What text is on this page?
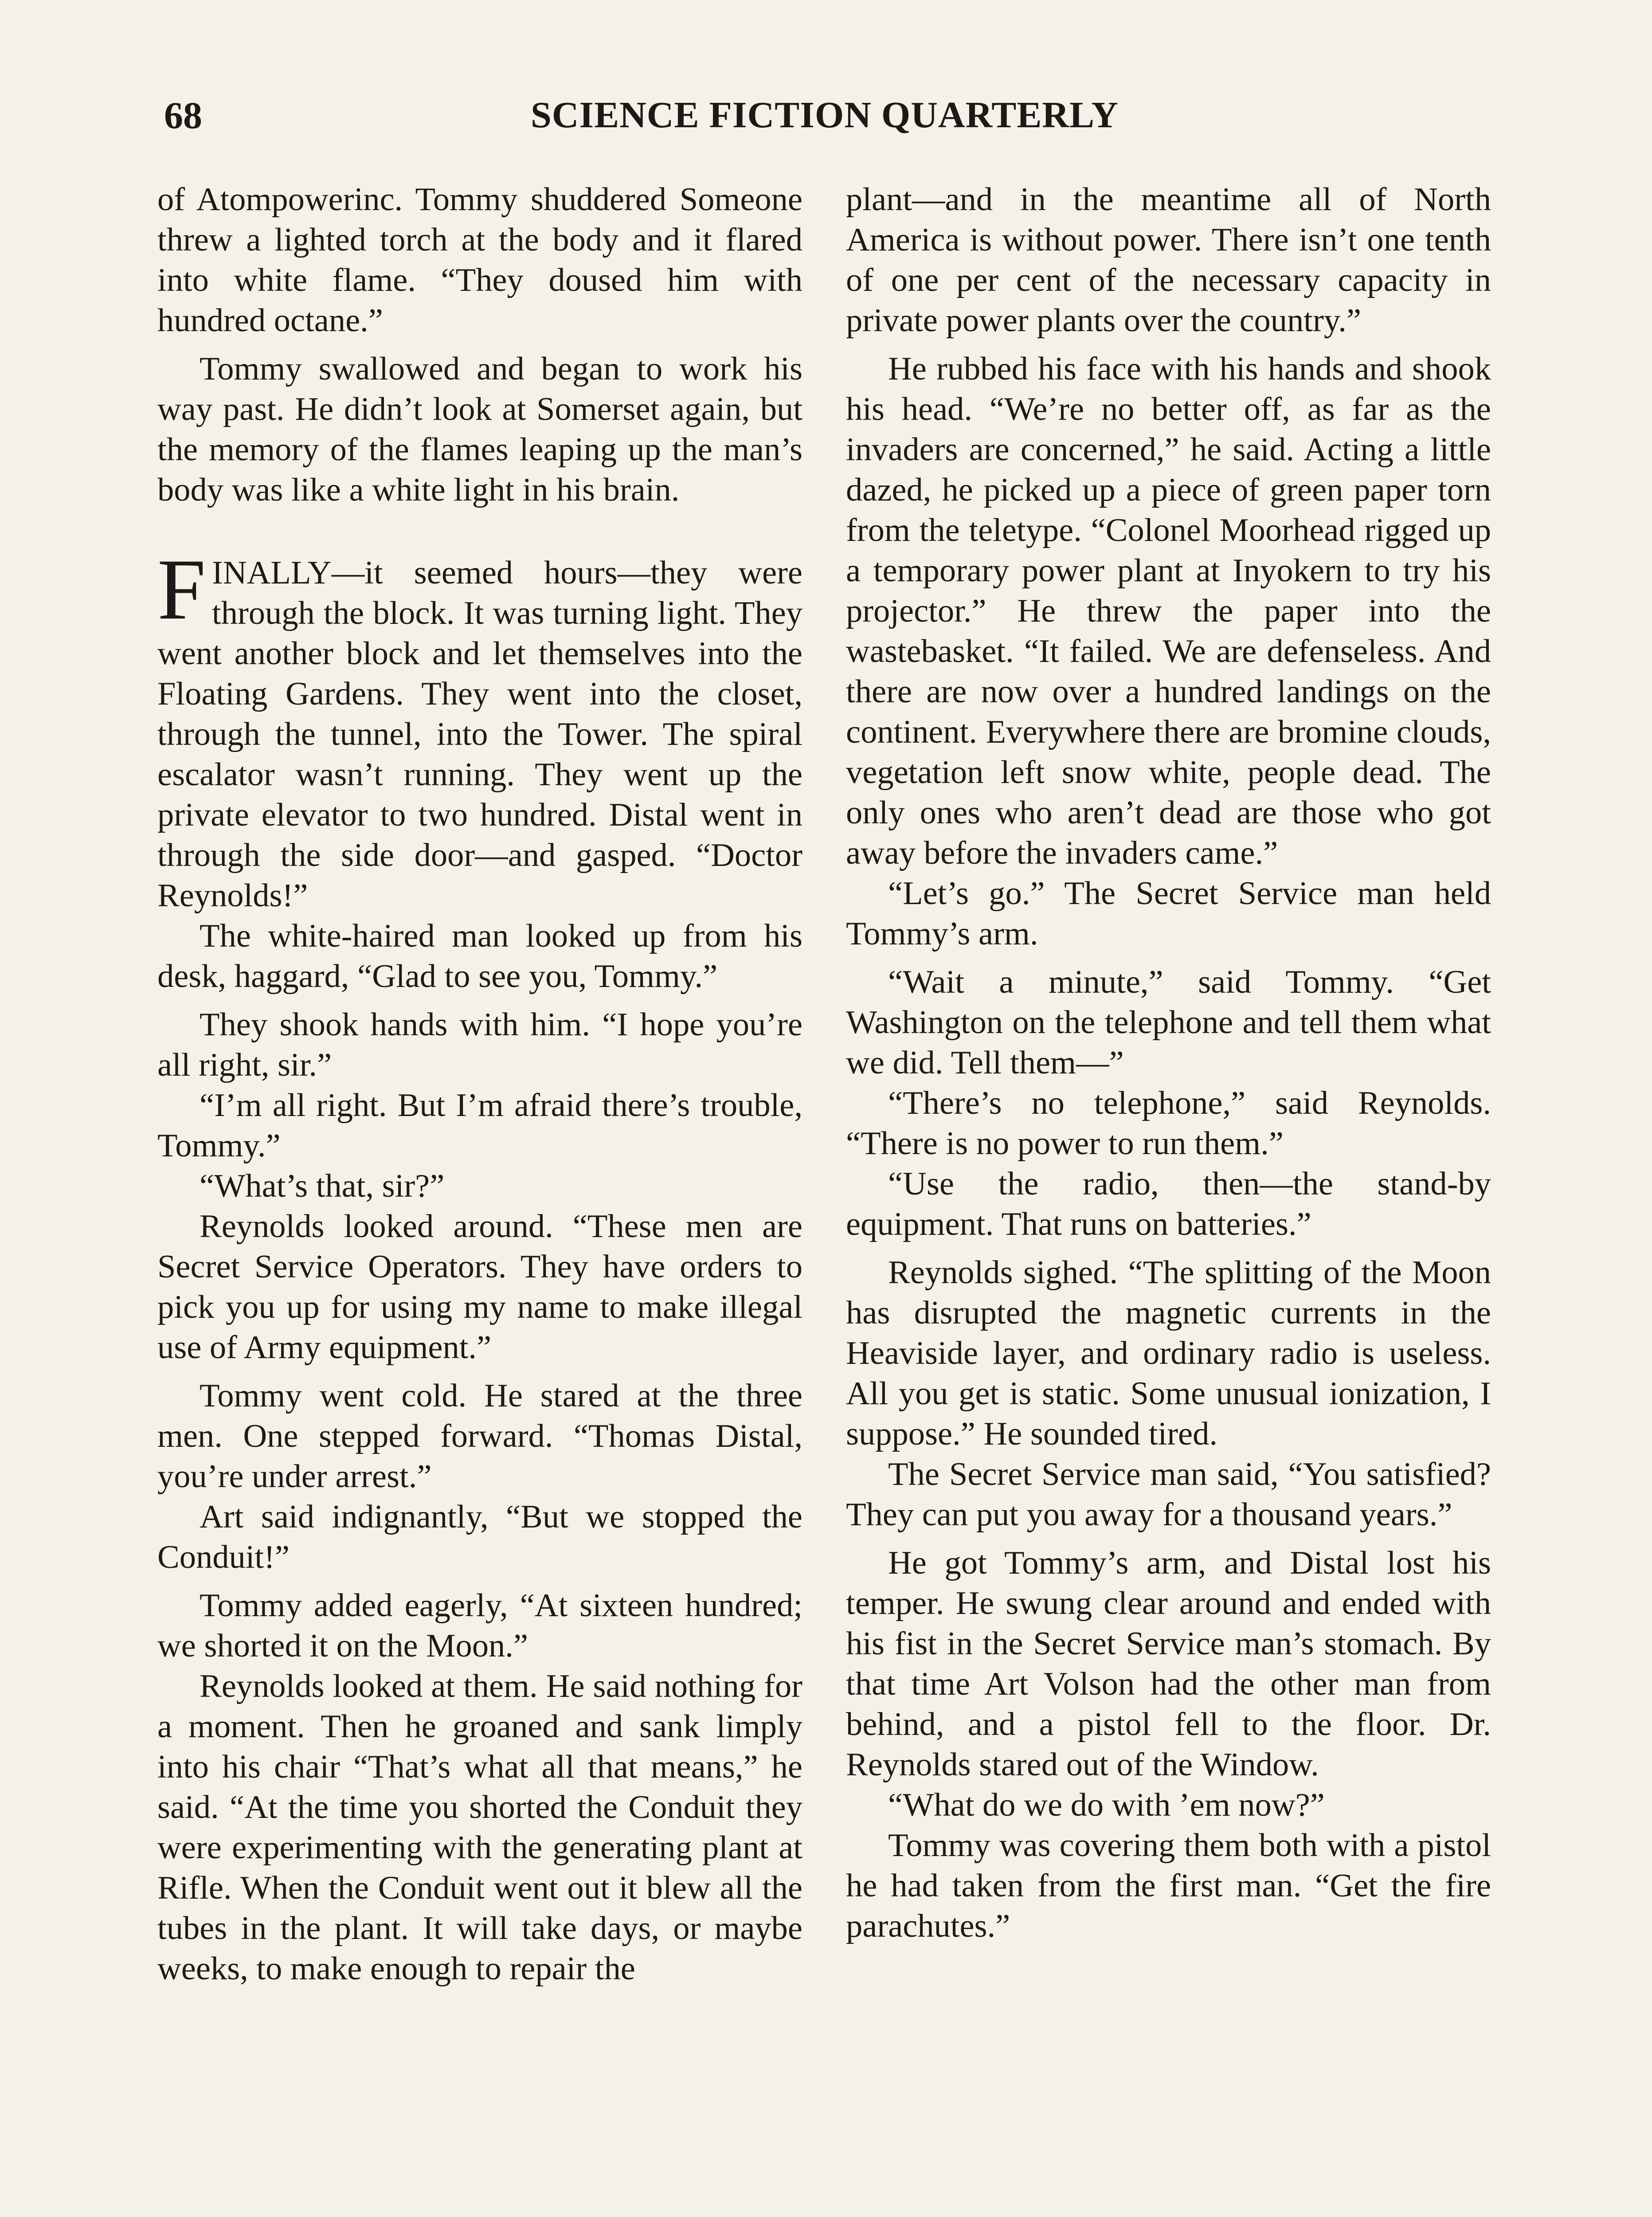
68	SCIENCE FICTION QUARTERLY

of Atompowerinc. Tommy shuddered Someone threw a lighted torch at the body and it flared into white flame. “They doused him with hundred octane.”

Tommy swallowed and began to work his way past. He didn’t look at Somerset again, but the memory of the flames leaping up the man’s body was like a white light in his brain.

FINALLY—it seemed hours—they were through the block. It was turning light. They went another block and let themselves into the Floating Gardens. They went into the closet, through the tunnel, into the Tower. The spiral escalator wasn’t running. They went up the private elevator to two hundred. Distal went in through the side door—and gasped. “Doctor Reynolds!”

The white-haired man looked up from his desk, haggard, “Glad to see you, Tommy.”

They shook hands with him. “I hope you’re all right, sir.”

“I’m all right. But I’m afraid there’s trouble, Tommy.”

“What’s that, sir?”

Reynolds looked around. “These men are Secret Service Operators. They have orders to pick you up for using my name to make illegal use of Army equipment.”

Tommy went cold. He stared at the three men. One stepped forward. “Thomas Distal, you’re under arrest.”

Art said indignantly, “But we stopped the Conduit!”

Tommy added eagerly, “At sixteen hundred; we shorted it on the Moon.”

Reynolds looked at them. He said nothing for a moment. Then he groaned and sank limply into his chair “That’s what all that means,” he said. “At the time you shorted the Conduit they were experimenting with the generating plant at Rifle. When the Conduit went out it blew all the tubes in the plant. It will take days, or maybe weeks, to make enough to repair the

plant—and in the meantime all of North America is without power. There isn’t one tenth of one per cent of the necessary capacity in private power plants over the country.”

He rubbed his face with his hands and shook his head. “We’re no better off, as far as the invaders are concerned,” he said. Acting a little dazed, he picked up a piece of green paper torn from the teletype. “Colonel Moorhead rigged up a temporary power plant at Inyokern to try his projector.” He threw the paper into the wastebasket. “It failed. We are defenseless. And there are now over a hundred landings on the continent. Everywhere there are bromine clouds, vegetation left snow white, people dead. The only ones who aren’t dead are those who got away before the invaders came.”

“Let’s go.” The Secret Service man held Tommy’s arm.

“Wait a minute,” said Tommy. “Get Washington on the telephone and tell them what we did. Tell them—”

“There’s no telephone,” said Reynolds. “There is no power to run them.”

“Use the radio, then—the stand-by equipment. That runs on batteries.”

Reynolds sighed. “The splitting of the Moon has disrupted the magnetic currents in the Heaviside layer, and ordinary radio is useless. All you get is static. Some unusual ionization, I suppose.” He sounded tired.

The Secret Service man said, “You satisfied? They can put you away for a thousand years.”

He got Tommy’s arm, and Distal lost his temper. He swung clear around and ended with his fist in the Secret Service man’s stomach. By that time Art Volson had the other man from behind, and a pistol fell to the floor. Dr. Reynolds stared out of the Window.

“What do we do with ’em now?”

Tommy was covering them both with a pistol he had taken from the first man. “Get the fire parachutes.”
